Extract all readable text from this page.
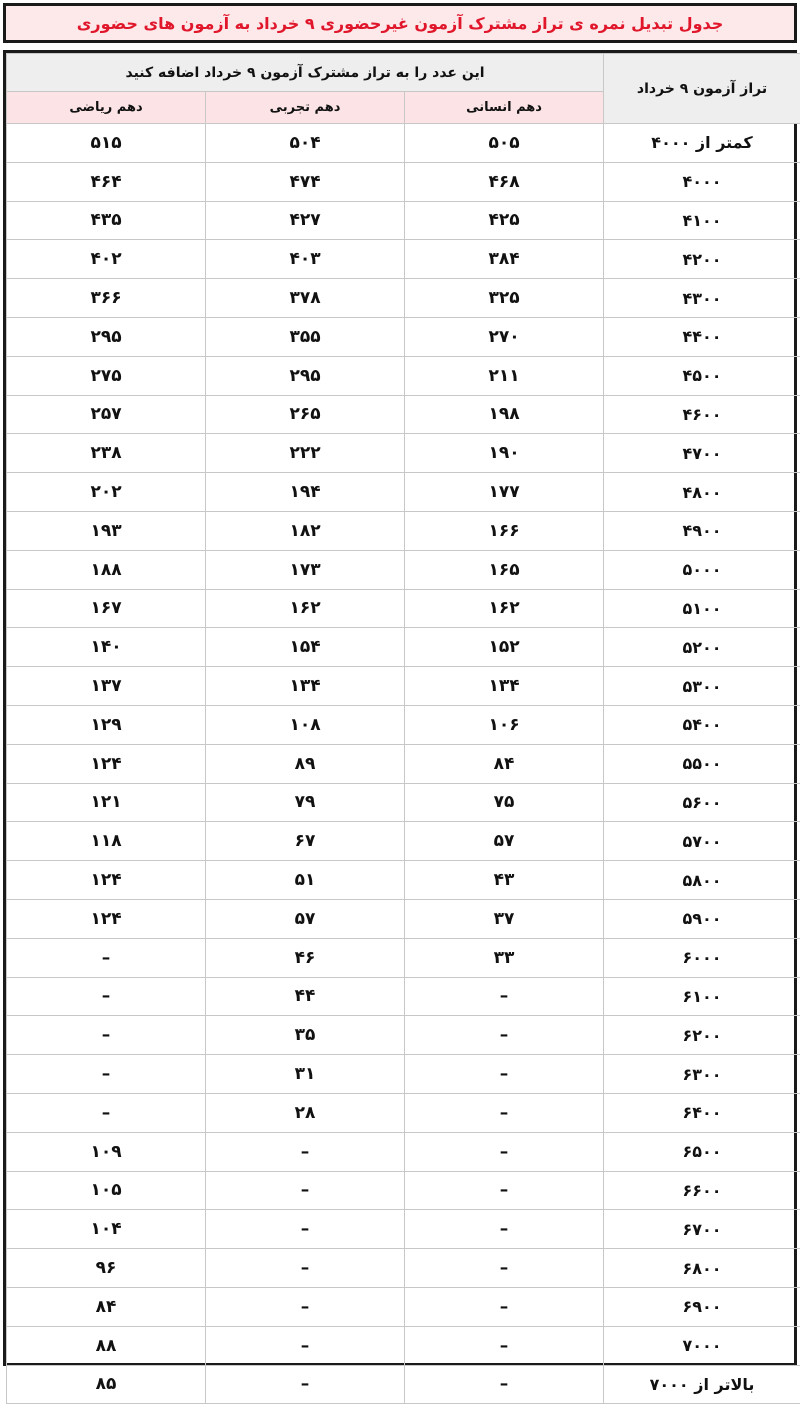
جدول تبدیل نمره ی تراز مشترک آزمون غیرحضوری ۹ خرداد به آزمون های حضوری
تراز آزمون ۹ خرداد	این عدد را به تراز مشترک آزمون ۹ خرداد اضافه کنید		
	دهم انسانی	دهم تجربی	دهم ریاضی
کمتر از ۴۰۰۰	۵۰۵	۵۰۴	۵۱۵
۴۰۰۰	۴۶۸	۴۷۴	۴۶۴
۴۱۰۰	۴۲۵	۴۲۷	۴۳۵
۴۲۰۰	۳۸۴	۴۰۳	۴۰۲
۴۳۰۰	۳۲۵	۳۷۸	۳۶۶
۴۴۰۰	۲۷۰	۳۵۵	۲۹۵
۴۵۰۰	۲۱۱	۲۹۵	۲۷۵
۴۶۰۰	۱۹۸	۲۶۵	۲۵۷
۴۷۰۰	۱۹۰	۲۲۲	۲۳۸
۴۸۰۰	۱۷۷	۱۹۴	۲۰۲
۴۹۰۰	۱۶۶	۱۸۲	۱۹۳
۵۰۰۰	۱۶۵	۱۷۳	۱۸۸
۵۱۰۰	۱۶۲	۱۶۲	۱۶۷
۵۲۰۰	۱۵۲	۱۵۴	۱۴۰
۵۳۰۰	۱۳۴	۱۳۴	۱۳۷
۵۴۰۰	۱۰۶	۱۰۸	۱۲۹
۵۵۰۰	۸۴	۸۹	۱۲۴
۵۶۰۰	۷۵	۷۹	۱۲۱
۵۷۰۰	۵۷	۶۷	۱۱۸
۵۸۰۰	۴۳	۵۱	۱۲۴
۵۹۰۰	۳۷	۵۷	۱۲۴
۶۰۰۰	۳۳	۴۶	–
۶۱۰۰	–	۴۴	–
۶۲۰۰	–	۳۵	–
۶۳۰۰	–	۳۱	–
۶۴۰۰	–	۲۸	–
۶۵۰۰	–	–	۱۰۹
۶۶۰۰	–	–	۱۰۵
۶۷۰۰	–	–	۱۰۴
۶۸۰۰	–	–	۹۶
۶۹۰۰	–	–	۸۴
۷۰۰۰	–	–	۸۸
بالاتر از ۷۰۰۰	–	–	۸۵
